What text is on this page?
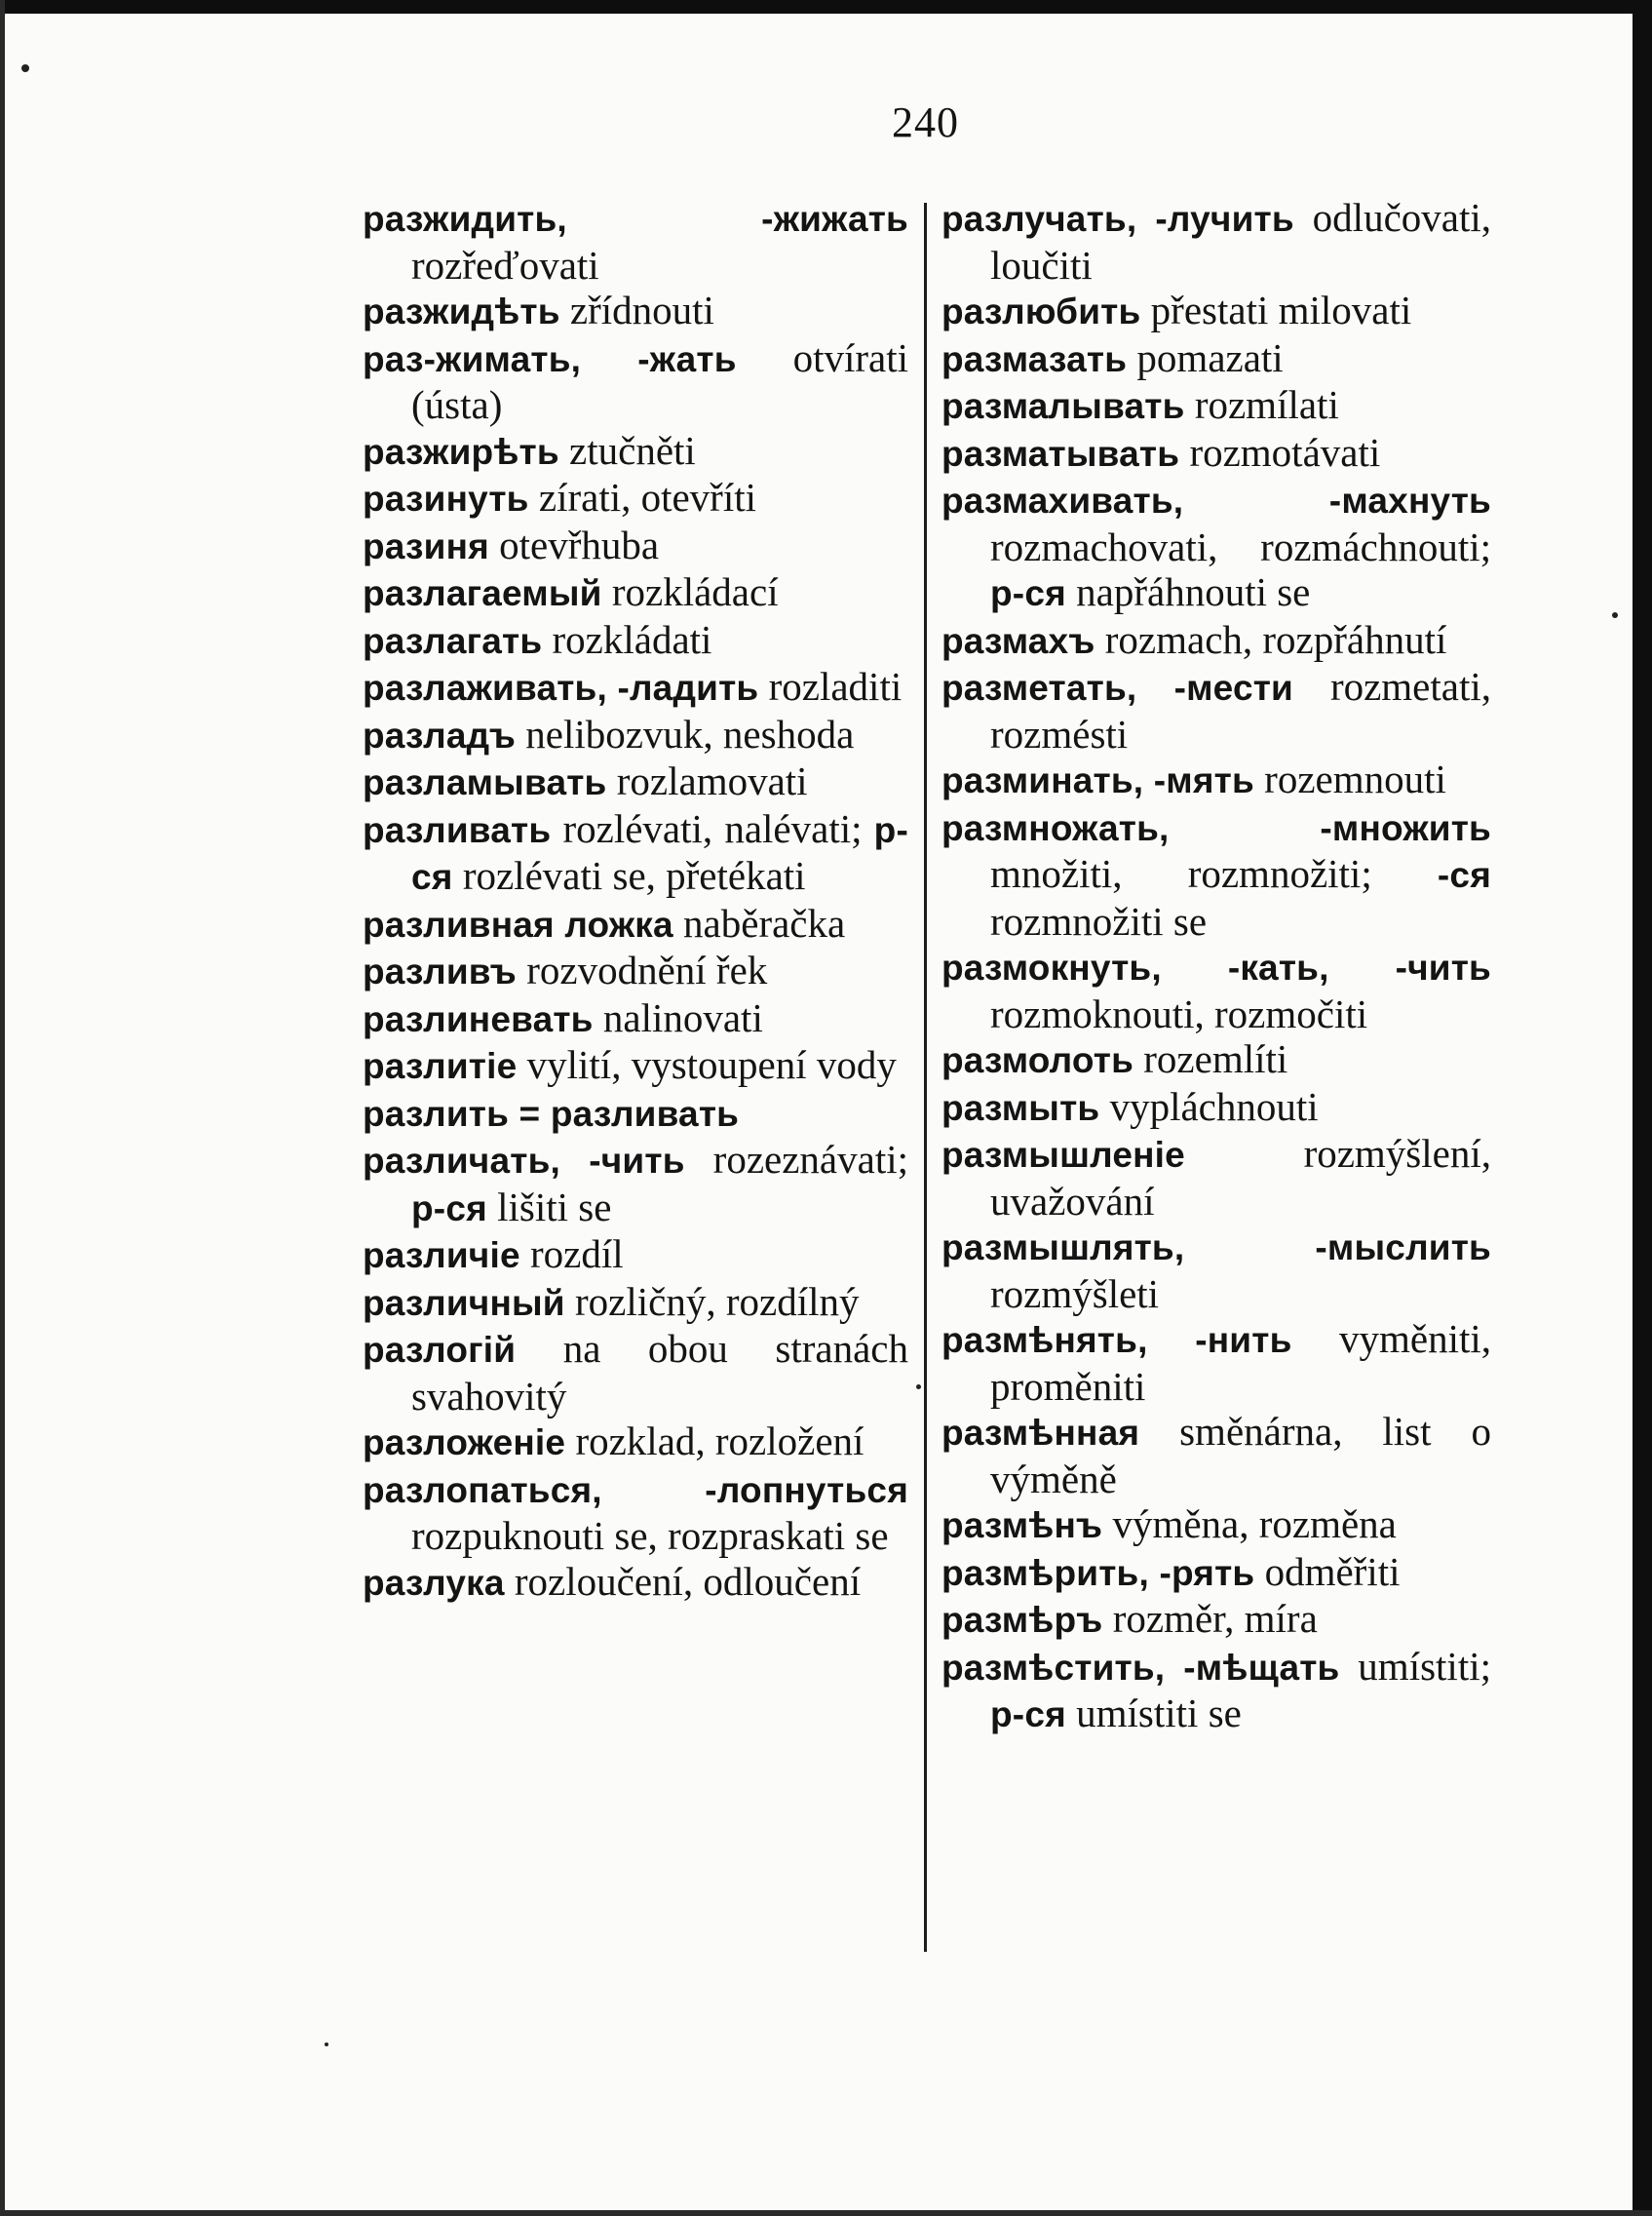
240

разжидить, -жижать rozřeďovati

разжидѣть zřídnouti

раз-жимать, -жать otvírati (ústa)

разжирѣть ztučněti

разинуть zírati, otevříti

разиня otevřhuba

разлагаемый rozkládací

разлагать rozkládati

разлаживать, -ладить rozladiti

разладъ nelibozvuk, neshoda

разламывать rozlamovati

разливать rozlévati, nalévati; р-ся rozlévati se, přetékati

разливная ложка naběračka

разливъ rozvodnění řek

разлиневать nalinovati

разлитіе vylití, vystoupení vody

разлить = разливать

различать, -чить rozeznávati; р-ся lišiti se

различіе rozdíl

различный rozličný, rozdílný

разлогій na obou stranách svahovitý

разложеніе rozklad, rozložení

разлопаться, -лопнуться rozpuknouti se, rozpraskati se

разлука rozloučení, odloučení

разлучать, -лучить odlučovati, loučiti

разлюбить přestati milovati

размазать pomazati

размалывать rozmílati

разматывать rozmotávati

размахивать, -махнуть rozmachovati, rozmáchnouti; р-ся napřáhnouti se

размахъ rozmach, rozpřáhnutí

разметать, -мести rozmetati, rozmésti

разминать, -мять rozemnouti

размножать, -множить množiti, rozmnožiti; -ся rozmnožiti se

размокнуть, -кать, -чить rozmoknouti, rozmočiti

размолоть rozemlíti

размыть vypláchnouti

размышленіе rozmýšlení, uvažování

размышлять, -мыслить rozmýšleti

размѣнять, -нить vyměniti, proměniti

размѣнная směnárna, list o výměně

размѣнъ výměna, rozměna

размѣрить, -рять odměřiti

размѣръ rozměr, míra

размѣстить, -мѣщать umístiti; р-ся umístiti se
